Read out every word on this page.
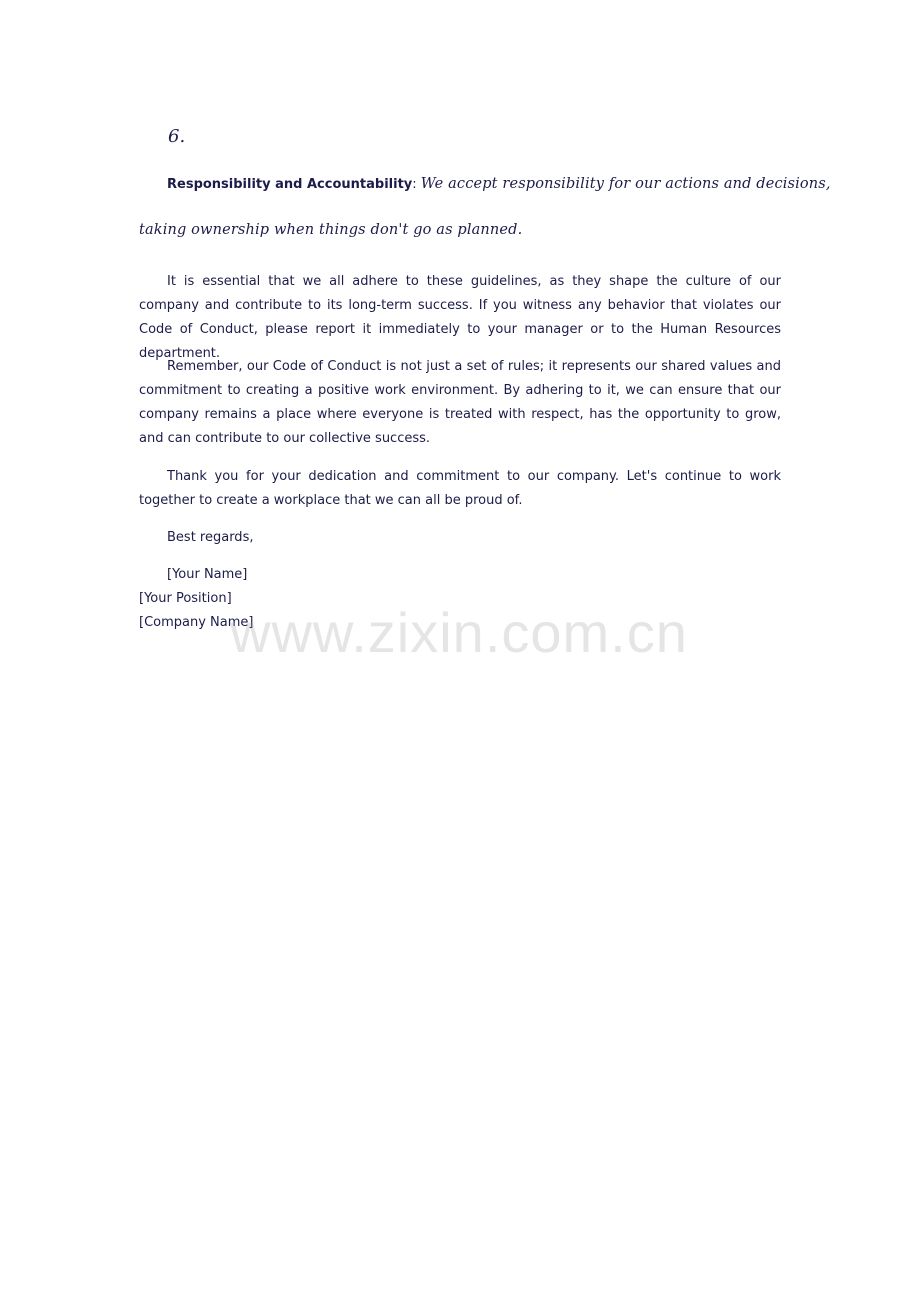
6.
Responsibility and Accountability: We accept responsibility for our actions and decisions,
taking ownership when things don't go as planned.

It is essential that we all adhere to these guidelines, as they shape the culture of our company and contribute to its long-term success. If you witness any behavior that violates our Code of Conduct, please report it immediately to your manager or to the Human Resources department.

Remember, our Code of Conduct is not just a set of rules; it represents our shared values and commitment to creating a positive work environment. By adhering to it, we can ensure that our company remains a place where everyone is treated with respect, has the opportunity to grow, and can contribute to our collective success.

Thank you for your dedication and commitment to our company. Let's continue to work together to create a workplace that we can all be proud of.

Best regards,

[Your Name]
[Your Position]
[Company Name]
www.zixin.com.cn
